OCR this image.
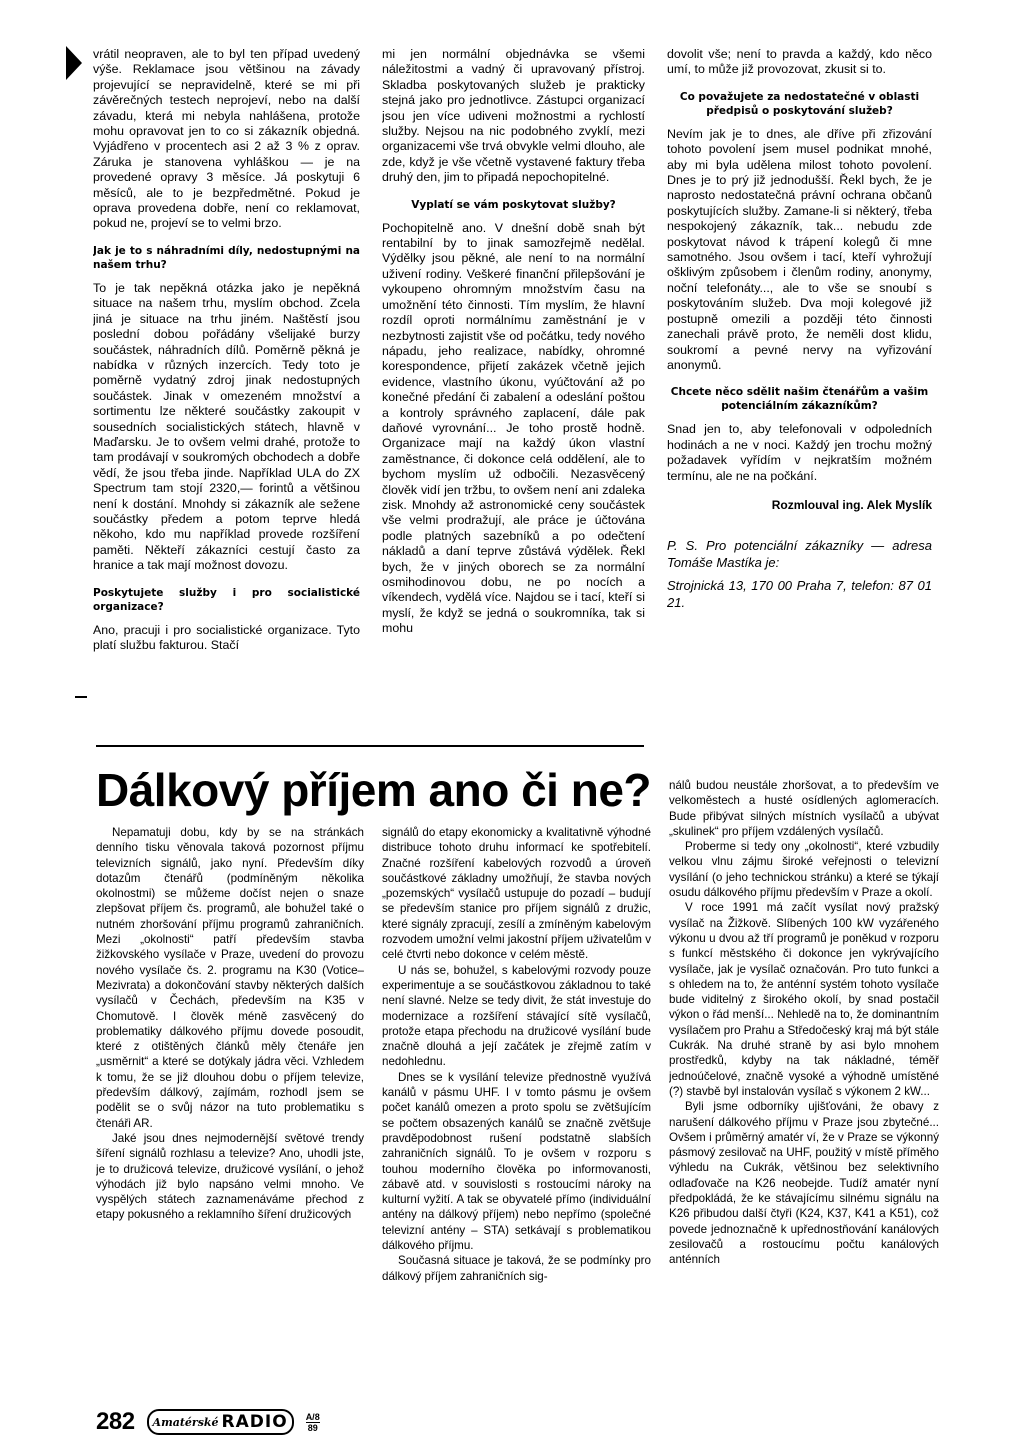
vrátil neopraven, ale to byl ten případ uvedený výše. Reklamace jsou většinou na závady projevující se nepravidelně, které se mi při závěrečných testech neprojeví, nebo na další závadu, která mi nebyla nahlášena, protože mohu opravovat jen to co si zákazník objedná. Vyjádřeno v procentech asi 2 až 3 % z oprav. Záruka je stanovena vyhláškou — je na provedené opravy 3 měsíce. Já poskytuji 6 měsíců, ale to je bezpředmětné. Pokud je oprava provedena dobře, není co reklamovat, pokud ne, projeví se to velmi brzo.

Jak je to s náhradními díly, nedostupnými na našem trhu?

To je tak nepěkná otázka jako je nepěkná situace na našem trhu, myslím obchod. Zcela jiná je situace na trhu jiném. Naštěstí jsou poslední dobou pořádány všelijaké burzy součástek, náhradních dílů. Poměrně pěkná je nabídka v různých inzercích. Tedy toto je poměrně vydatný zdroj jinak nedostupných součástek. Jinak v omezeném množství a sortimentu lze některé součástky zakoupit v sousedních socialistických státech, hlavně v Maďarsku. Je to ovšem velmi drahé, protože to tam prodávají v soukromých obchodech a dobře vědí, že jsou třeba jinde. Například ULA do ZX Spectrum tam stojí 2320,— forintů a většinou není k dostání. Mnohdy si zákazník ale sežene součástky předem a potom teprve hledá někoho, kdo mu například provede rozšíření paměti. Někteří zákazníci cestují často za hranice a tak mají možnost dovozu.

Poskytujete služby i pro socialistické organizace?

Ano, pracuji i pro socialistické organizace. Tyto platí službu fakturou. Stačí

mi jen normální objednávka se všemi náležitostmi a vadný či upravovaný přístroj. Skladba poskytovaných služeb je prakticky stejná jako pro jednotlivce. Zástupci organizací jsou jen více udiveni možnostmi a rychlostí služby. Nejsou na nic podobného zvyklí, mezi organizacemi vše trvá obvykle velmi dlouho, ale zde, když je vše včetně vystavené faktury třeba druhý den, jim to připadá nepochopitelné.

Vyplatí se vám poskytovat služby?

Pochopitelně ano. V dnešní době snah být rentabilní by to jinak samozřejmě nedělal. Výdělky jsou pěkné, ale není to na normální uživení rodiny. Veškeré finanční přilepšování je vykoupeno ohromným množstvím času na umožnění této činnosti. Tím myslím, že hlavní rozdíl oproti normálnímu zaměstnání je v nezbytnosti zajistit vše od počátku, tedy nového nápadu, jeho realizace, nabídky, ohromné korespondence, přijetí zakázek včetně jejich evidence, vlastního úkonu, vyúčtování až po konečné předání či zabalení a odeslání poštou a kontroly správného zaplacení, dále pak daňové vyrovnání... Je toho prostě hodně. Organizace mají na každý úkon vlastní zaměstnance, či dokonce celá oddělení, ale to bychom myslím už odbočili. Nezasvěcený člověk vidí jen tržbu, to ovšem není ani zdaleka zisk. Mnohdy až astronomické ceny součástek vše velmi prodražují, ale práce je účtována podle platných sazebníků a po odečtení nákladů a daní teprve zůstává výdělek. Řekl bych, že v jiných oborech se za normální osmihodinovou dobu, ne po nocích a víkendech, vydělá více. Najdou se i tací, kteří si myslí, že když se jedná o soukromníka, tak si mohu

dovolit vše; není to pravda a každý, kdo něco umí, to může již provozovat, zkusit si to.

Co považujete za nedostatečné v oblasti předpisů o poskytování služeb?

Nevím jak je to dnes, ale dříve při zřizování tohoto povolení jsem musel podnikat mnohé, aby mi byla udělena milost tohoto povolení. Dnes je to prý již jednodušší. Řekl bych, že je naprosto nedostatečná právní ochrana občanů poskytujících služby. Zamane-li si některý, třeba nespokojený zákazník, tak... nebudu zde poskytovat návod k trápení kolegů či mne samotného. Jsou ovšem i tací, kteří vyhrožují ošklivým způsobem i členům rodiny, anonymy, noční telefonáty..., ale to vše se snoubí s poskytováním služeb. Dva moji kolegové již postupně omezili a později této činnosti zanechali právě proto, že neměli dost klidu, soukromí a pevné nervy na vyřizování anonymů.

Chcete něco sdělit našim čtenářům a vašim potenciálním zákazníkům?

Snad jen to, aby telefonovali v odpoledních hodinách a ne v noci. Každý jen trochu možný požadavek vyřídím v nejkratším možném termínu, ale ne na počkání.

Rozmlouval ing. Alek Myslík

P. S. Pro potenciální zákazníky — adresa Tomáše Mastíka je:

Strojnická 13, 170 00 Praha 7, telefon: 87 01 21.

Dálkový příjem ano či ne?

Nepamatuji dobu, kdy by se na stránkách denního tisku věnovala taková pozornost příjmu televizních signálů, jako nyní. Především díky dotazům čtenářů (podmíněným několika okolnostmi) se můžeme dočíst nejen o snaze zlepšovat příjem čs. programů, ale bohužel také o nutném zhoršování příjmu programů zahraničních. Mezi „okolnosti“ patří především stavba žižkovského vysílače v Praze, uvedení do provozu nového vysílače čs. 2. programu na K30 (Votice–Mezivrata) a dokončování stavby některých dalších vysílačů v Čechách, především na K35 v Chomutově. I člověk méně zasvěcený do problematiky dálkového příjmu dovede posoudit, které z otištěných článků měly čtenáře jen „usměrnit“ a které se dotýkaly jádra věci. Vzhledem k tomu, že se již dlouhou dobu o příjem televize, především dálkový, zajímám, rozhodl jsem se podělit se o svůj názor na tuto problematiku s čtenáři AR.

Jaké jsou dnes nejmodernější světové trendy šíření signálů rozhlasu a televize? Ano, uhodli jste, je to družicová televize, družicové vysílání, o jehož výhodách již bylo napsáno velmi mnoho. Ve vyspělých státech zaznamenáváme přechod z etapy pokusného a reklamního šíření družicových

signálů do etapy ekonomicky a kvalitativně výhodné distribuce tohoto druhu informací ke spotřebitelí. Značné rozšíření kabelových rozvodů a úroveň součástkové základny umožňují, že stavba nových „pozemských“ vysílačů ustupuje do pozadí – budují se především stanice pro příjem signálů z družic, které signály zpracují, zesílí a zmíněným kabelovým rozvodem umožní velmi jakostní příjem uživatelům v celé čtvrti nebo dokonce v celém městě.

U nás se, bohužel, s kabelovými rozvody pouze experimentuje a se součástkovou základnou to také není slavné. Nelze se tedy divit, že stát investuje do modernizace a rozšíření stávající sítě vysílačů, protože etapa přechodu na družicové vysílání bude značně dlouhá a její začátek je zřejmě zatím v nedohlednu.

Dnes se k vysílání televize přednostně využívá kanálů v pásmu UHF. I v tomto pásmu je ovšem počet kanálů omezen a proto spolu se zvětšujícím se počtem obsazených kanálů se značně zvětšuje pravděpodobnost rušení podstatně slabších zahraničních signálů. To je ovšem v rozporu s touhou moderního člověka po informovanosti, zábavě atd. v souvislosti s rostoucími nároky na kulturní vyžití. A tak se obyvatelé přímo (individuální antény na dálkový příjem) nebo nepřímo (společné televizní antény – STA) setkávají s problematikou dálkového příjmu.

Současná situace je taková, že se podmínky pro dálkový příjem zahraničních sig-

nálů budou neustále zhoršovat, a to především ve velkoměstech a husté osídlených aglomeracích. Bude přibývat silných místních vysílačů a ubývat „skulinek“ pro příjem vzdálených vysílačů.

Proberme si tedy ony „okolnosti“, které vzbudily velkou vlnu zájmu široké veřejnosti o televizní vysílání (o jeho technickou stránku) a které se týkají osudu dálkového příjmu především v Praze a okolí.

V roce 1991 má začít vysílat nový pražský vysílač na Žižkově. Slíbených 100 kW vyzářeného výkonu u dvou až tří programů je poněkud v rozporu s funkcí městského či dokonce jen vykrývajícího vysílače, jak je vysílač označován. Pro tuto funkci a s ohledem na to, že anténní systém tohoto vysílače bude viditelný z širokého okolí, by snad postačil výkon o řád menší... Nehledě na to, že dominantním vysílačem pro Prahu a Středočeský kraj má být stále Cukrák. Na druhé straně by asi bylo mnohem prostředků, kdyby na tak nákladné, téměř jednoúčelové, značně vysoké a výhodně umístěné (?) stavbě byl instalován vysílač s výkonem 2 kW...

Byli jsme odborníky ujišťováni, že obavy z narušení dálkového příjmu v Praze jsou zbytečné... Ovšem i průměrný amatér ví, že v Praze se výkonný pásmový zesilovač na UHF, použitý v místě příměho výhledu na Cukrák, většinou bez selektivního odlaďovače na K26 neobejde. Tudíž amatér nyní předpokládá, že ke stávajícímu silnému signálu na K26 přibudou další čtyři (K24, K37, K41 a K51), což povede jednoznačně k upřednostňování kanálových zesilovačů a rostoucímu počtu kanálových anténních

282 Amatérské RADIO A/8
89
